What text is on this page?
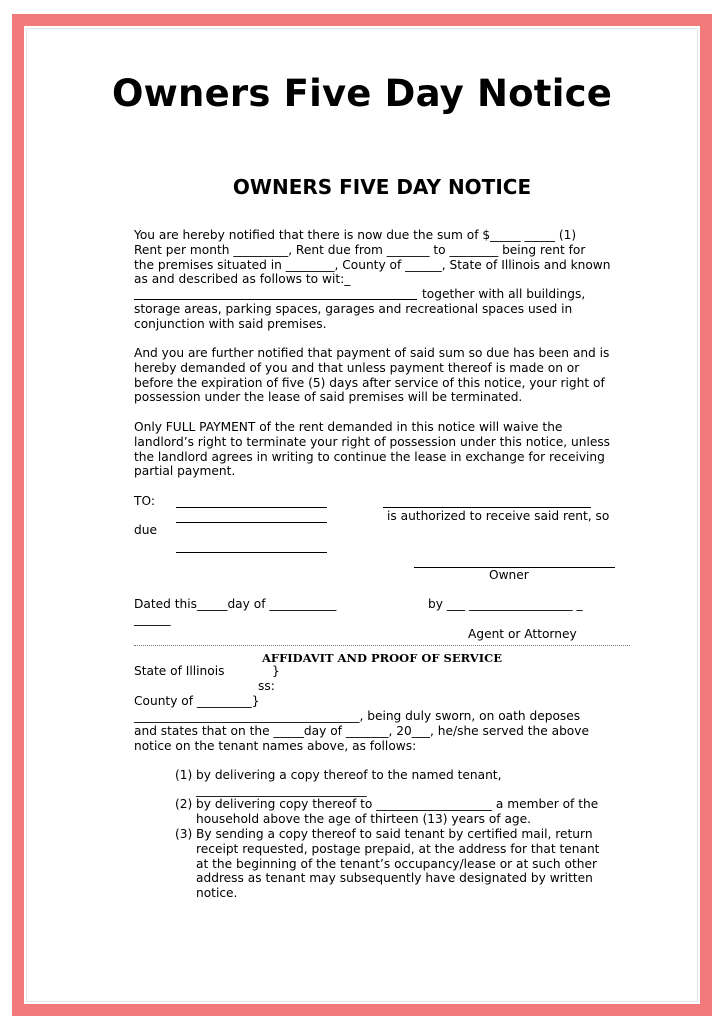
Owners Five Day Notice
OWNERS FIVE DAY NOTICE
You are hereby notified that there is now due the sum of $_____ _____ (1)
Rent per month _________, Rent due from _______ to ________ being rent for
the premises situated in ________, County of ______, State of Illinois and known
as and described as follows to wit:_
together with all buildings,
storage areas, parking spaces, garages and recreational spaces used in
conjunction with said premises.
And you are further notified that payment of said sum so due has been and is
hereby demanded of you and that unless payment thereof is made on or
before the expiration of five (5) days after service of this notice, your right of
possession under the lease of said premises will be terminated.
Only FULL PAYMENT of the rent demanded in this notice will waive the
landlord’s right to terminate your right of possession under this notice, unless
the landlord agrees in writing to continue the lease in exchange for receiving
partial payment.
TO:
is authorized to receive said rent, so
due
Owner
Dated this_____day of ___________	by ___ _________________ _
______
Agent or Attorney
AFFIDAVIT AND PROOF OF SERVICE
State of Illinois	}
ss:
County of _________}
_____________________________________, being duly sworn, on oath deposes
and states that on the _____day of _______, 20___, he/she served the above
notice on the tenant names above, as follows:
(1) by delivering a copy thereof to the named tenant,
____________________________
(2) by delivering copy thereof to ___________________ a member of the
household above the age of thirteen (13) years of age.
(3) By sending a copy thereof to said tenant by certified mail, return
receipt requested, postage prepaid, at the address for that tenant
at the beginning of the tenant’s occupancy/lease or at such other
address as tenant may subsequently have designated by written
notice.
